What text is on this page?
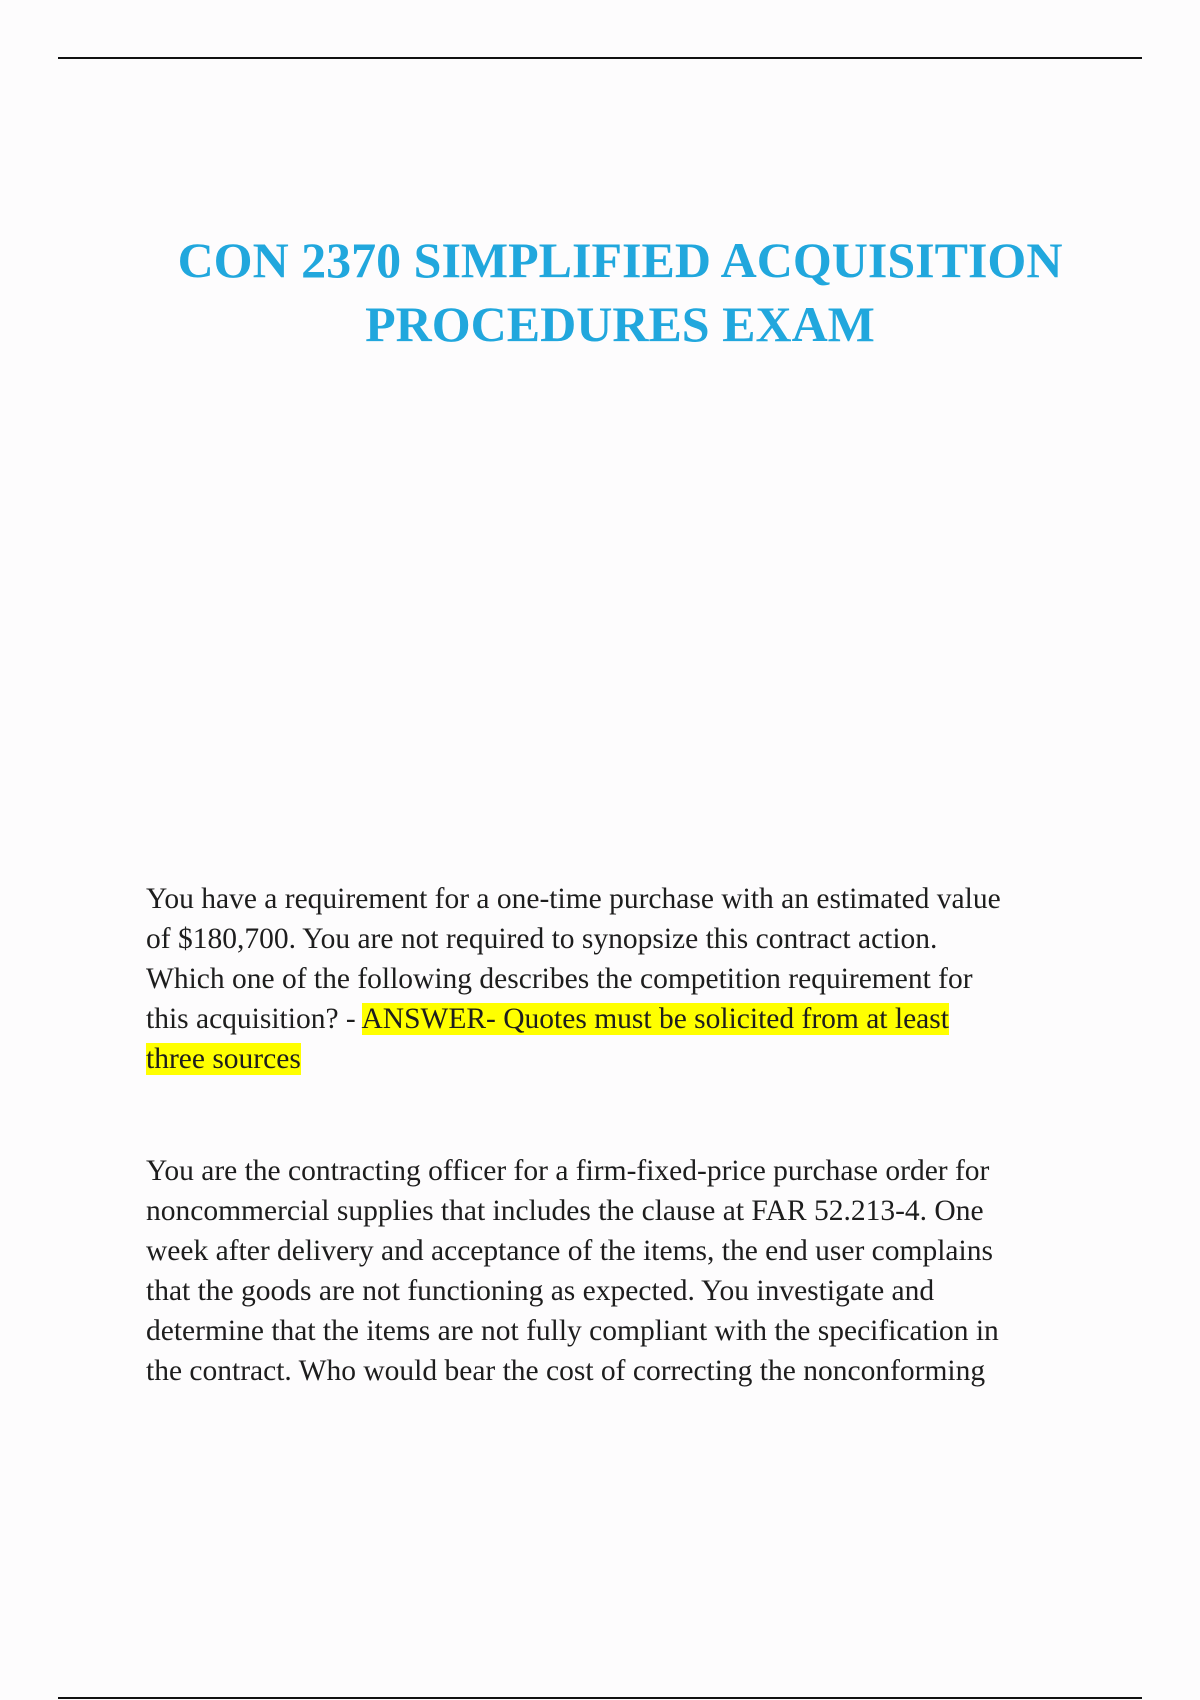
CON 2370 SIMPLIFIED ACQUISITION
PROCEDURES EXAM

You have a requirement for a one-time purchase with an estimated value
of $180,700. You are not required to synopsize this contract action.
Which one of the following describes the competition requirement for
this acquisition? - ANSWER- Quotes must be solicited from at least
three sources

You are the contracting officer for a firm-fixed-price purchase order for
noncommercial supplies that includes the clause at FAR 52.213-4. One
week after delivery and acceptance of the items, the end user complains
that the goods are not functioning as expected. You investigate and
determine that the items are not fully compliant with the specification in
the contract. Who would bear the cost of correcting the nonconforming
